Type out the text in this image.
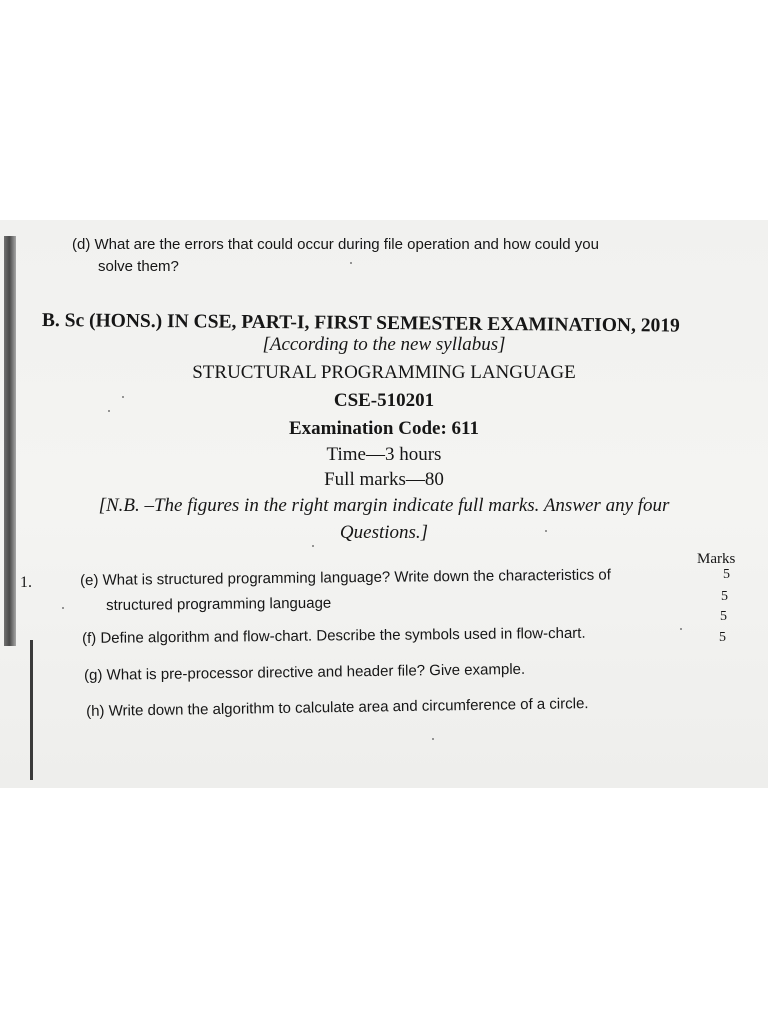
(d) What are the errors that could occur during file operation and how could you
solve them?
B. Sc (HONS.) IN CSE, PART-I, FIRST SEMESTER EXAMINATION, 2019
[According to the new syllabus]
STRUCTURAL PROGRAMMING LANGUAGE
CSE-510201
Examination Code: 611
Time—3 hours
Full marks—80
[N.B. –The figures in the right margin indicate full marks. Answer any four
Questions.]
Marks
5
5
5
5
1.	(e) What is structured programming language? Write down the characteristics of
structured programming language
(f) Define algorithm and flow-chart. Describe the symbols used in flow-chart.
(g) What is pre-processor directive and header file? Give example.
(h) Write down the algorithm to calculate area and circumference of a circle.
